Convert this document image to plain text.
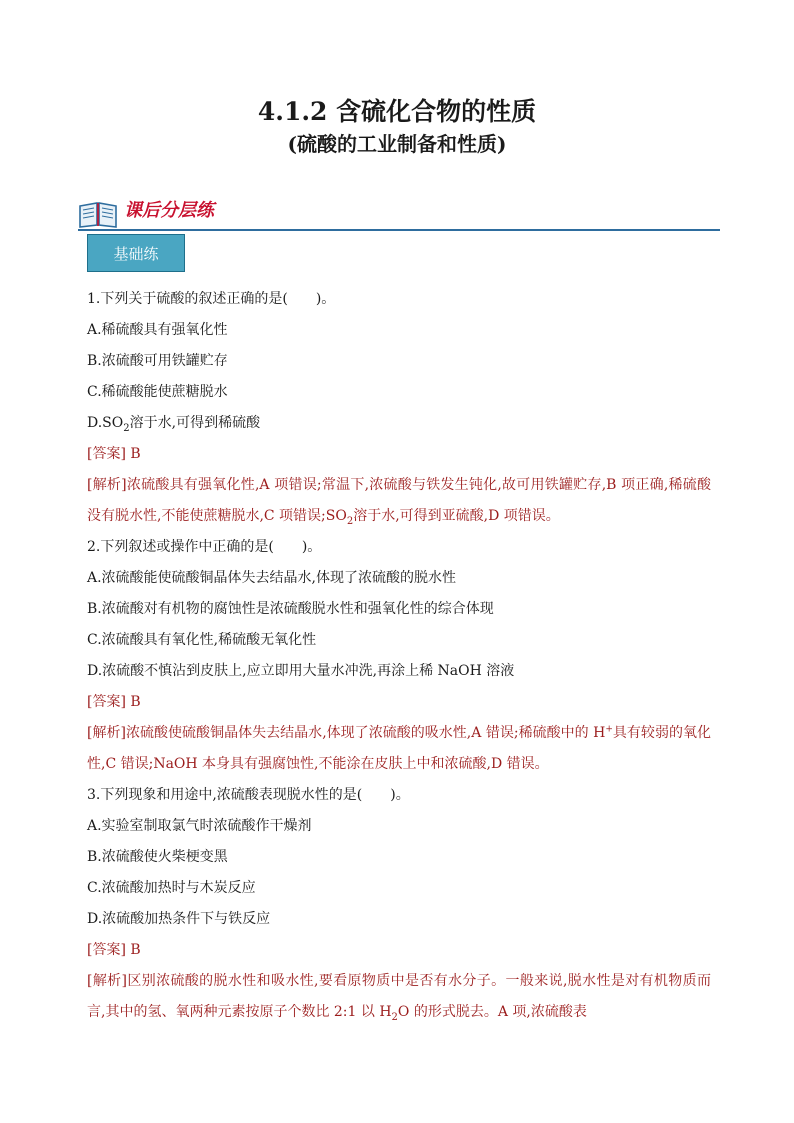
4.1.2 含硫化合物的性质
(硫酸的工业制备和性质)
课后分层练
基础练
1.下列关于硫酸的叙述正确的是(　　)。
A.稀硫酸具有强氧化性
B.浓硫酸可用铁罐贮存
C.稀硫酸能使蔗糖脱水
$D.SO_2$溶于水,可得到稀硫酸
[答案] B
[解析]浓硫酸具有强氧化性,A 项错误;常温下,浓硫酸与铁发生钝化,故可用铁罐贮存,B 项正确,稀硫酸没有脱水性,不能使蔗糖脱水,C 项错误$;SO_2$溶于水,可得到亚硫酸,D 项错误。
2.下列叙述或操作中正确的是(　　)。
A.浓硫酸能使硫酸铜晶体失去结晶水,体现了浓硫酸的脱水性
B.浓硫酸对有机物的腐蚀性是浓硫酸脱水性和强氧化性的综合体现
C.浓硫酸具有氧化性,稀硫酸无氧化性
D.浓硫酸不慎沾到皮肤上,应立即用大量水冲洗,再涂上稀 NaOH 溶液
[答案] B
[解析]浓硫酸使硫酸铜晶体失去结晶水,体现了浓硫酸的吸水性,A 错误;稀硫酸中的 H+具有较弱的氧化性,C 错误;NaOH 本身具有强腐蚀性,不能涂在皮肤上中和浓硫酸,D 错误。
3.下列现象和用途中,浓硫酸表现脱水性的是(　　)。
A.实验室制取氯气时浓硫酸作干燥剂
B.浓硫酸使火柴梗变黑
C.浓硫酸加热时与木炭反应
D.浓硫酸加热条件下与铁反应
[答案] B
[解析]区别浓硫酸的脱水性和吸水性,要看原物质中是否有水分子。一般来说,脱水性是对有机物质而言,其中的氢、氧两种元素按原子个数比 2:1 以 $H_2O$ 的形式脱去。A 项,浓硫酸表
